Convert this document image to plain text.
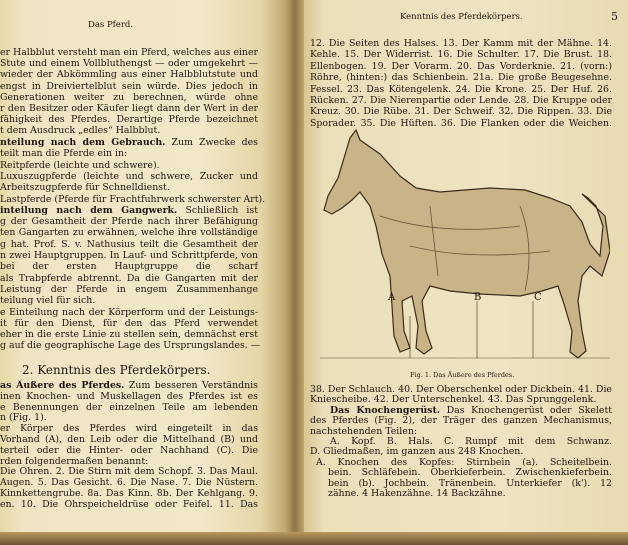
Das Pferd.
2. Kenntnis des Pferdekörpers.
Kenntnis des Pferdekörpers.	5
er Halbblut versteht man ein Pferd, welches aus einer
Stute und einem Vollbluthengst — oder umgekehrt —
wieder der Abkömmling aus einer Halbblutstute und
engst in Dreiviertelblut sein würde. Dies jedoch in
Generationen weiter zu berechnen, würde ohne
r den Besitzer oder Käufer liegt dann der Wert in der
fähigkeit des Pferdes. Derartige Pferde bezeichnet
t dem Ausdruck „edles“ Halbblut.
nteilung nach dem Gebrauch. Zum Zwecke des
teilt man die Pferde ein in:
Reitpferde (leichte und schwere).
Luxuszugpferde (leichte und schwere, Zucker und
Arbeitszugpferde für Schnelldienst.
Lastpferde (Pferde für Frachtfuhrwerk schwerster Art).
inteilung nach dem Gangwerk. Schließlich ist
g der Gesamtheit der Pferde nach ihrer Befähigung
ten Gangarten zu erwähnen, welche ihre vollständige
g hat. Prof. S. v. Nathusius teilt die Gesamtheit der
n zwei Hauptgruppen. In Lauf- und Schrittpferde, von
bei der ersten Hauptgruppe die scharf
als Trabpferde abtrennt. Da die Gangarten mit der
Leistung der Pferde in engem Zusammenhange
teilung viel für sich.
e Einteilung nach der Körperform und der Leistungs-
it für den Dienst, für den das Pferd verwendet
eher in die erste Linie zu stellen sein, demnächst erst
g auf die geographische Lage des Ursprungslandes. —
as Äußere des Pferdes. Zum besseren Verständnis
inen Knochen- und Muskellagen des Pferdes ist es
e Benennungen der einzelnen Teile am lebenden
n (Fig. 1).
er Körper des Pferdes wird eingeteilt in das
Vorhand (A), den Leib oder die Mittelhand (B) und
terteil oder die Hinter- oder Nachhand (C). Die
rden folgendermaßen benannt:
Die Ohren. 2. Die Stirn mit dem Schopf. 3. Das Maul.
Augen. 5. Das Gesicht. 6. Die Nase. 7. Die Nüstern.
Kinnkettengrube. 8a. Das Kinn. 8b. Der Kehlgang. 9.
en. 10. Die Ohrspeicheldrüse oder Feifel. 11. Das
12. Die Seiten des Halses. 13. Der Kamm mit der Mähne. 14.
Kehle. 15. Der Widerrist. 16. Die Schulter. 17. Die Brust. 18.
Ellenbogen. 19. Der Vorarm. 20. Das Vorderknie. 21. (vorn:)
Röhre, (hinten:) das Schienbein. 21a. Die große Beugesehne.
Fessel. 23. Das Kötengelenk. 24. Die Krone. 25. Der Huf. 26.
Rücken. 27. Die Nierenpartie oder Lende. 28. Die Kruppe oder
Kreuz. 30. Die Rübe. 31. Der Schweif. 32. Die Rippen. 33. Die
Sporader. 35. Die Hüften. 36. Die Flanken oder die Weichen.
38. Der Schlauch. 40. Der Oberschenkel oder Dickbein. 41. Die
Kniescheibe. 42. Der Unterschenkel. 43. Das Sprunggelenk.
Das Knochengerüst. Das Knochengerüst oder Skelett
des Pferdes (Fig. 2), der Träger des ganzen Mechanismus,
nachstehenden Teilen:
A. Kopf. B. Hals. C. Rumpf mit dem Schwanz.
D. Gliedmaßen, im ganzen aus 248 Knochen.
A. Knochen des Kopfes: Stirnbein (a). Scheitelbein.
bein. Schläfebein. Oberkieferbein. Zwischenkieferbein.
bein (b). Jochbein. Tränenbein. Unterkiefer (k'). 12
zähne. 4 Hakenzähne. 14 Backzähne.
A	B	C
Fig. 1. Das Äußere des Pferdes.
